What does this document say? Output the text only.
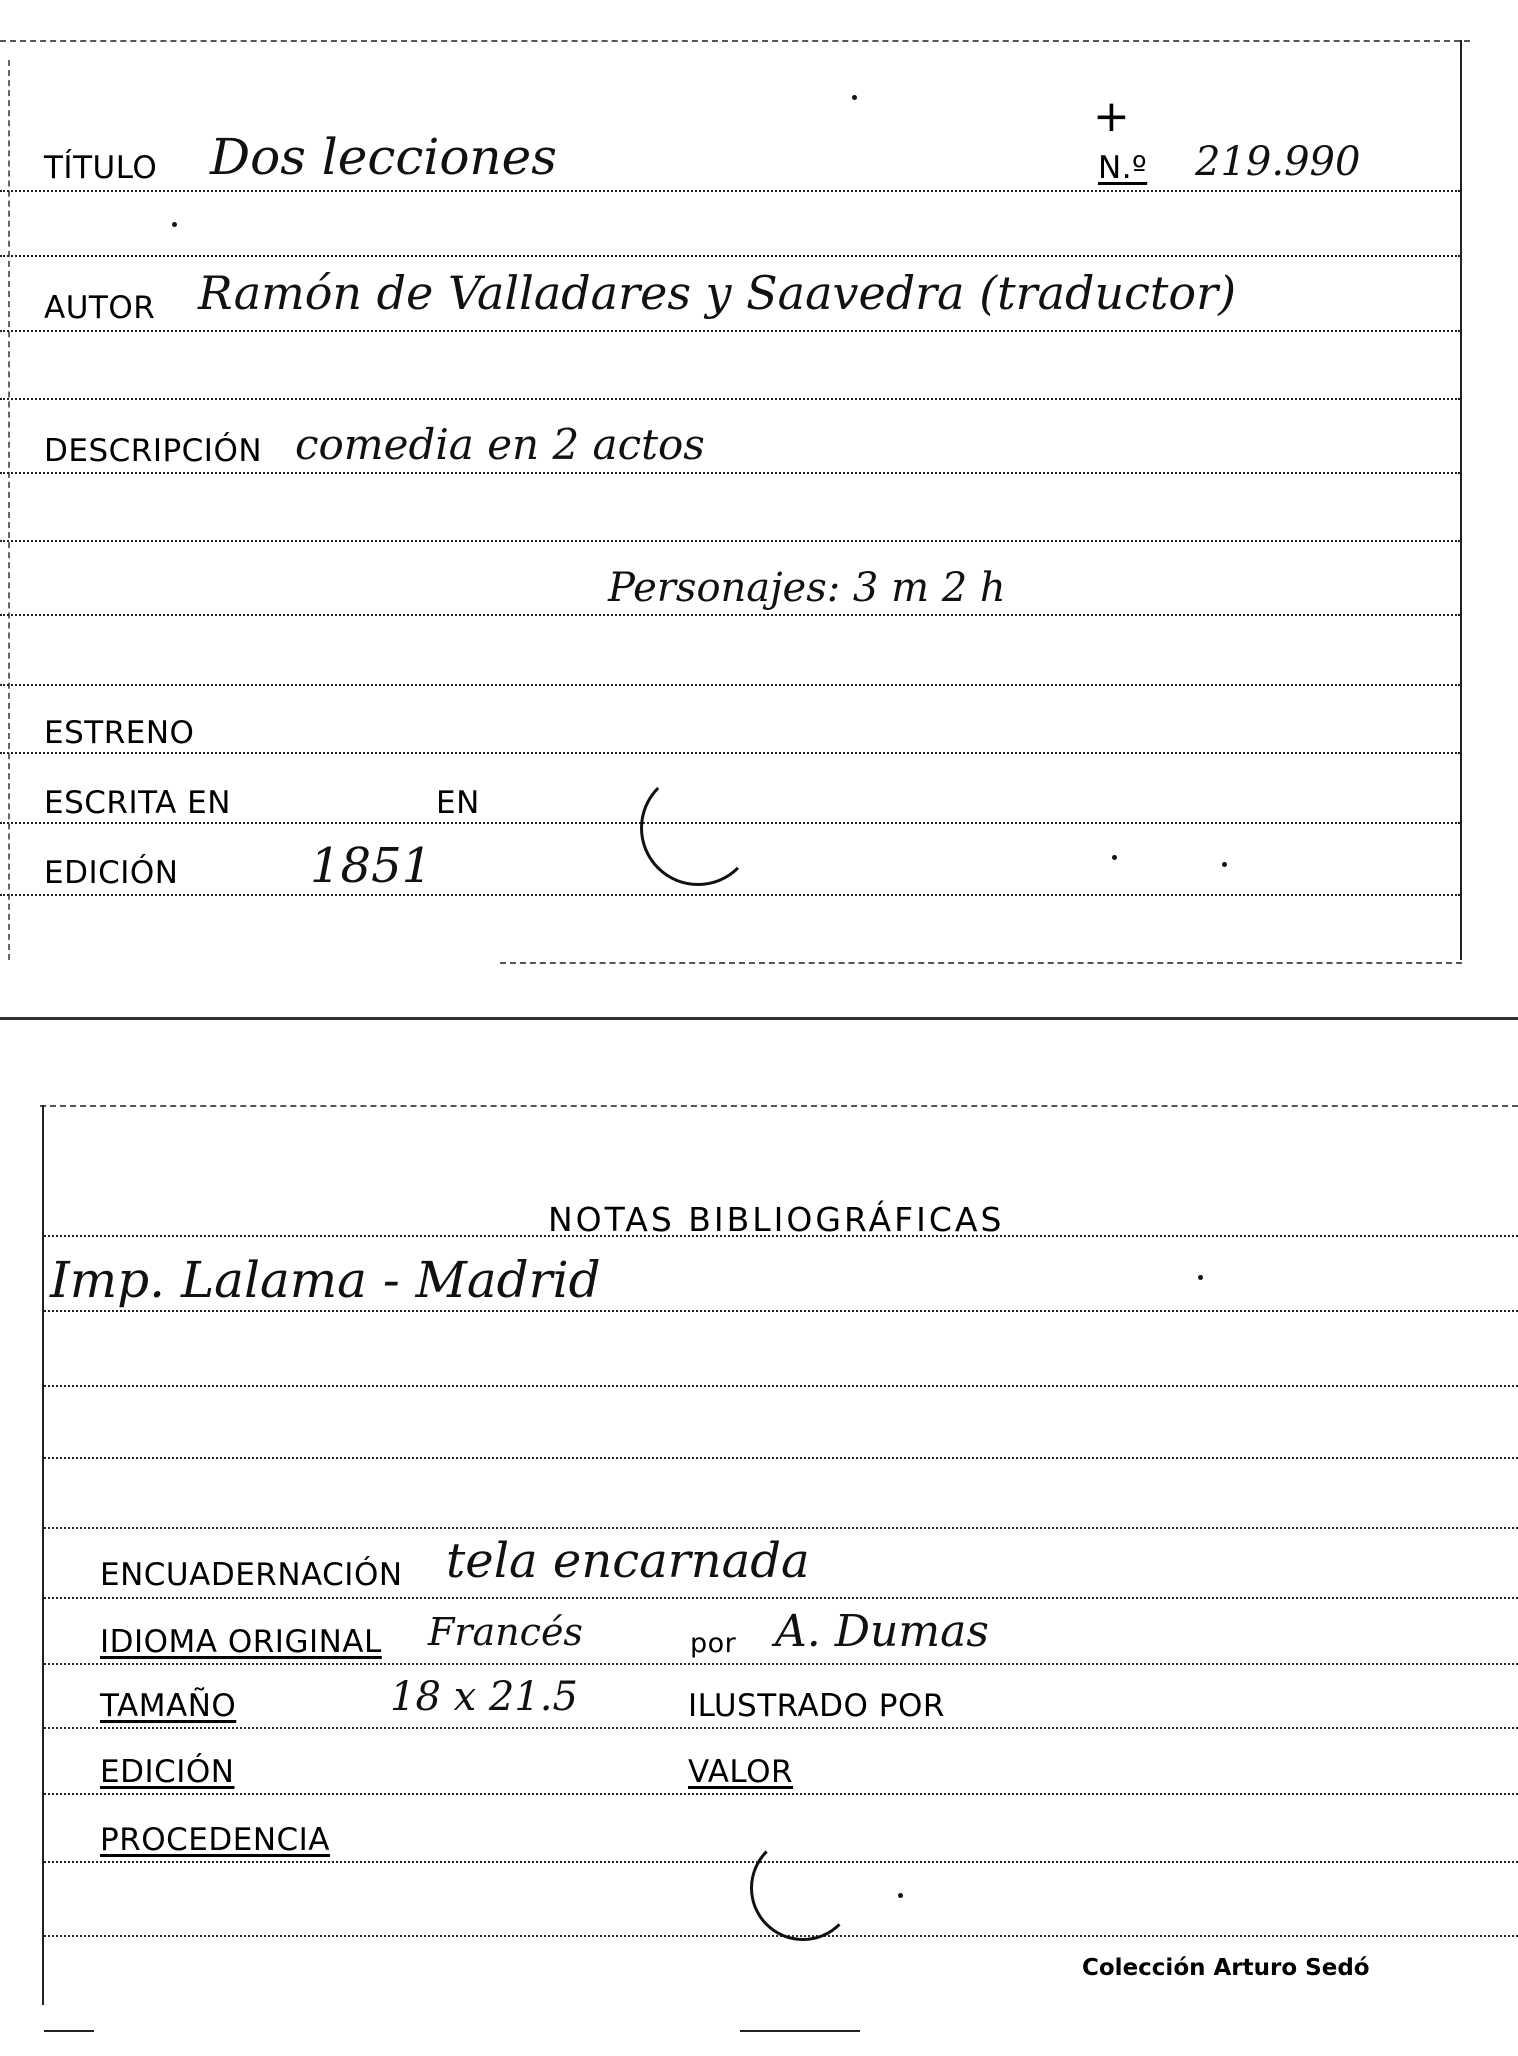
TÍTULO Dos lecciones
+
N.º 219.990
AUTOR Ramón de Valladares y Saavedra (traductor)
DESCRIPCIÓN comedia en 2 actos
Personajes: 3 m 2 h
ESTRENO
ESCRITA EN	EN
EDICIÓN	1851
NOTAS BIBLIOGRÁFICAS
Imp. Lalama - Madrid
ENCUADERNACIÓN tela encarnada
IDIOMA ORIGINAL Francés	por A. Dumas
TAMAÑO	18 x 21.5	ILUSTRADO POR
EDICIÓN	VALOR
PROCEDENCIA
Colección Arturo Sedó
